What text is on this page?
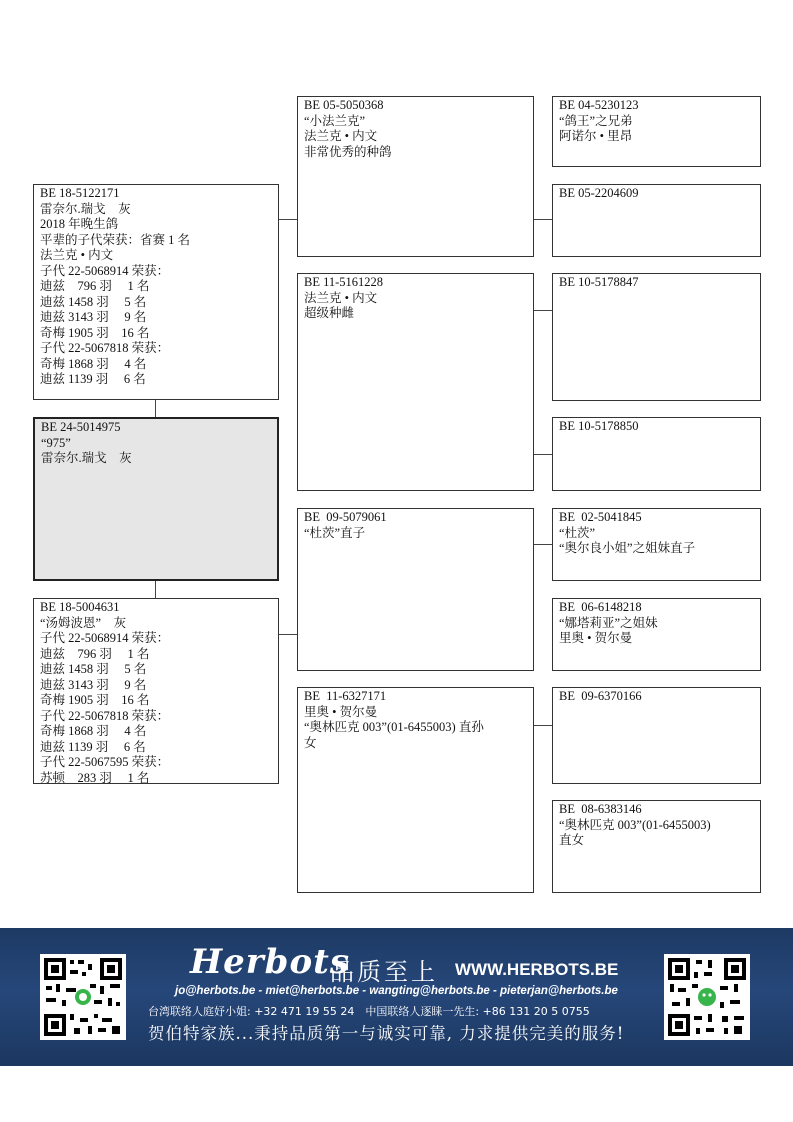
BE 18-5122171
雷奈尔.瑞戈　灰
2018 年晚生鸽
平辈的子代荣获：省赛 1 名
法兰克 • 内文
子代 22-5068914 荣获：
迪兹　796 羽　 1 名
迪兹 1458 羽　 5 名
迪兹 3143 羽　 9 名
奇梅 1905 羽　16 名
子代 22-5067818 荣获：
奇梅 1868 羽　 4 名
迪兹 1139 羽　 6 名
BE 24-5014975
“975”
雷奈尔.瑞戈　灰
BE 18-5004631
“汤姆波恩”　灰
子代 22-5068914 荣获：
迪兹　796 羽　 1 名
迪兹 1458 羽　 5 名
迪兹 3143 羽　 9 名
奇梅 1905 羽　16 名
子代 22-5067818 荣获：
奇梅 1868 羽　 4 名
迪兹 1139 羽　 6 名
子代 22-5067595 荣获：
苏顿　283 羽　 1 名
BE 05-5050368
“小法兰克”
法兰克 • 内文
非常优秀的种鸽
BE 11-5161228
法兰克 • 内文
超级种雌
BE  09-5079061
“杜茨”直子
BE  11-6327171
里奥 • 贺尔曼
“奥林匹克 003”(01-6455003) 直孙
女
BE 04-5230123
“鸽王”之兄弟
阿诺尔 • 里昂
BE 05-2204609
BE 10-5178847
BE 10-5178850
BE  02-5041845
“杜茨”
“奥尔良小姐”之姐妹直子
BE  06-6148218
“娜塔莉亚”之姐妹
里奥 • 贺尔曼
BE  09-6370166
BE  08-6383146
“奥林匹克 003”(01-6455003)
直女
Herbots
品质至上 WWW.HERBOTS.BE
jo@herbots.be - miet@herbots.be - wangting@herbots.be - pieterjan@herbots.be
台湾联络人庭妤小姐: +32 471 19 55 24　中国联络人逐睐一先生: +86 131 20 5 0755
贺伯特家族...秉持品质第一与诚实可靠, 力求提供完美的服务!
